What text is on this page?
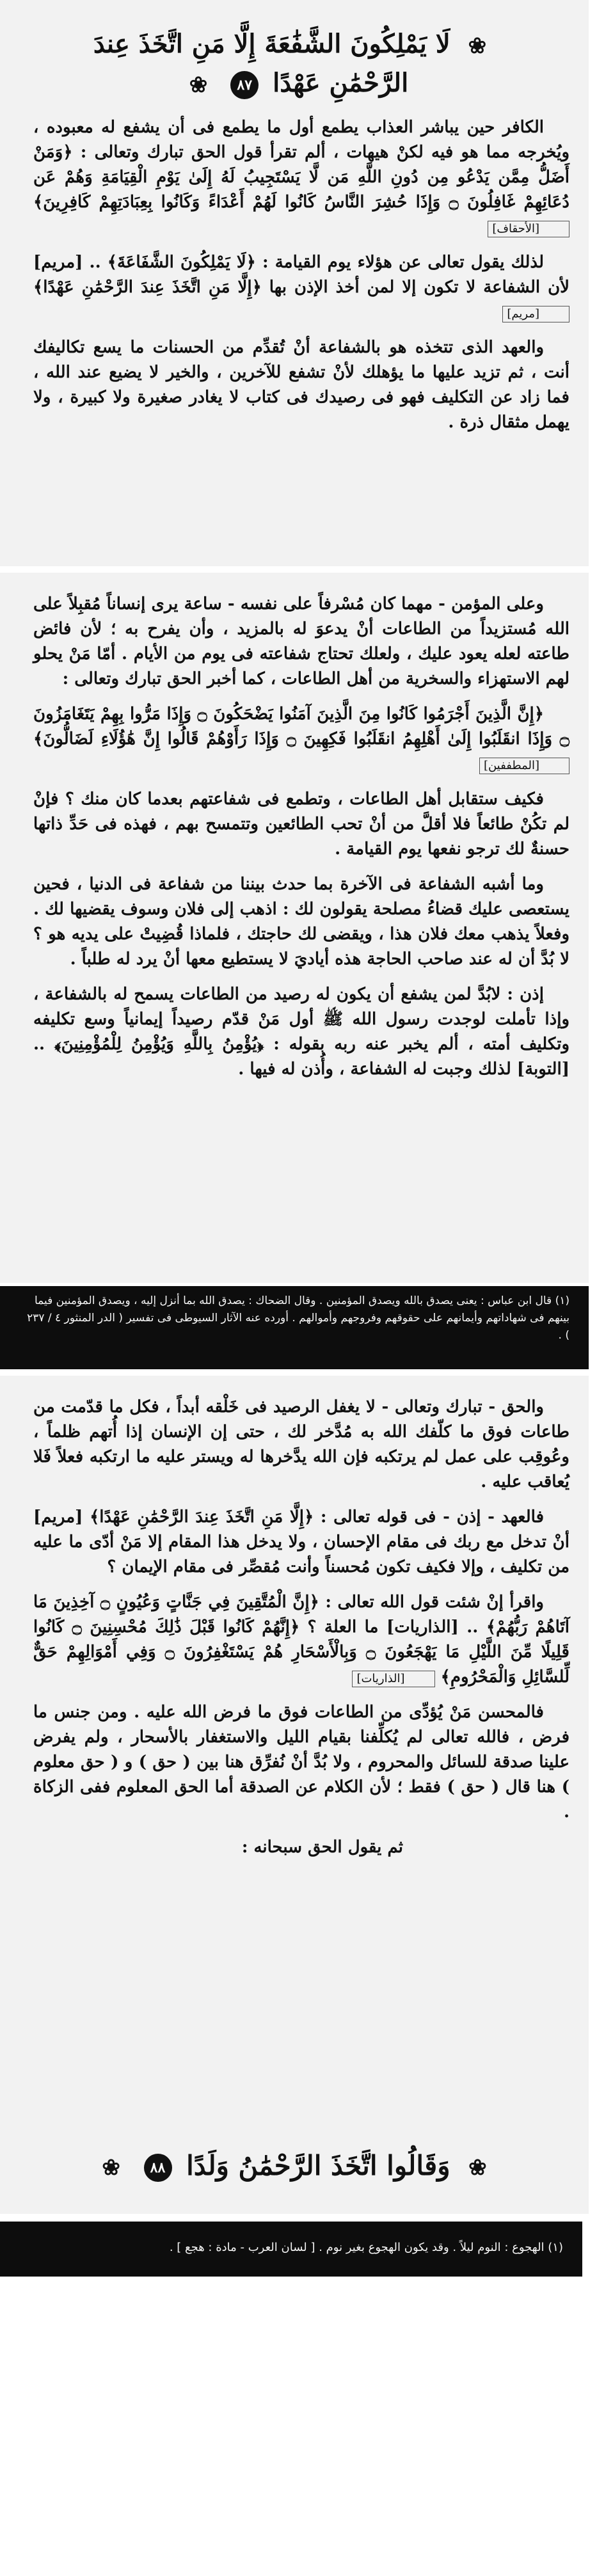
❀ لَا يَمْلِكُونَ الشَّفَٰعَةَ إِلَّا مَنِ اتَّخَذَ عِندَ
الرَّحْمَٰنِ عَهْدًا ٨٧ ❀

الكافر حين يباشر العذاب يطمع أول ما يطمع فى أن يشفع له معبوده ، ويُخرجه مما هو فيه لكنْ هيهات ، ألم تقرأ قول الحق تبارك وتعالى : ﴿وَمَنْ أَضَلُّ مِمَّن يَدْعُو مِن دُونِ اللَّهِ مَن لَّا يَسْتَجِيبُ لَهُ إِلَىٰ يَوْمِ الْقِيَامَةِ وَهُمْ عَن دُعَائِهِمْ غَافِلُونَ ۝ وَإِذَا حُشِرَ النَّاسُ كَانُوا لَهُمْ أَعْدَاءً وَكَانُوا بِعِبَادَتِهِمْ كَافِرِينَ﴾ [الأحقاف]

لذلك يقول تعالى عن هؤلاء يوم القيامة : ﴿لَا يَمْلِكُونَ الشَّفَاعَةَ﴾ .. [مريم] لأن الشفاعة لا تكون إلا لمن أخذ الإذن بها ﴿إِلَّا مَنِ اتَّخَذَ عِندَ الرَّحْمَٰنِ عَهْدًا﴾ [مريم]

والعهد الذى تتخذه هو بالشفاعة أنْ تُقدِّم من الحسنات ما يسع تكاليفك أنت ، ثم تزيد عليها ما يؤهلك لأنْ تشفع للآخرين ، والخير لا يضيع عند الله ، فما زاد عن التكليف فهو فى رصيدك فى كتاب لا يغادر صغيرة ولا كبيرة ، ولا يهمل مثقال ذرة .

وعلى المؤمن - مهما كان مُسْرفاً على نفسه - ساعة يرى إنساناً مُقبِلاً على الله مُستزيداً من الطاعات أنْ يدعوَ له بالمزيد ، وأن يفرح به ؛ لأن فائض طاعته لعله يعود عليك ، ولعلك تحتاج شفاعته فى يوم من الأيام . أمّا مَنْ يحلو لهم الاستهزاء والسخرية من أهل الطاعات ، كما أخبر الحق تبارك وتعالى :

﴿إِنَّ الَّذِينَ أَجْرَمُوا كَانُوا مِنَ الَّذِينَ آمَنُوا يَضْحَكُونَ ۝ وَإِذَا مَرُّوا بِهِمْ يَتَغَامَزُونَ ۝ وَإِذَا انقَلَبُوا إِلَىٰ أَهْلِهِمُ انقَلَبُوا فَكِهِينَ ۝ وَإِذَا رَأَوْهُمْ قَالُوا إِنَّ هَٰؤُلَاءِ لَضَالُّونَ﴾ [المطففين]

فكيف ستقابل أهل الطاعات ، وتطمع فى شفاعتهم بعدما كان منك ؟ فإنْ لم تكُنْ طائعاً فلا أقلَّ من أنْ تحب الطائعين وتتمسح بهم ، فهذه فى حَدِّ ذاتها حسنةٌ لك ترجو نفعها يوم القيامة .

وما أشبه الشفاعة فى الآخرة بما حدث بيننا من شفاعة فى الدنيا ، فحين يستعصى عليك قضاءُ مصلحة يقولون لك : اذهب إلى فلان وسوف يقضيها لك . وفعلاً يذهب معك فلان هذا ، ويقضى لك حاجتك ، فلماذا قُضِيتْ على يديه هو ؟ لا بُدَّ أن له عند صاحب الحاجة هذه أياديَ لا يستطيع معها أنْ يرد له طلباً .

إذن : لابُدَّ لمن يشفع أن يكون له رصيد من الطاعات يسمح له بالشفاعة ، وإذا تأملت لوجدت رسول الله ﷺ أول مَنْ قدّم رصيداً إيمانياً وسع تكليفه وتكليف أمته ، ألم يخبر عنه ربه بقوله : ﴿يُؤْمِنُ بِاللَّهِ وَيُؤْمِنُ لِلْمُؤْمِنِينَ﴾ .. [التوبة] لذلك وجبت له الشفاعة ، وأُذن له فيها .

(١) قال ابن عباس : يعنى يصدق بالله ويصدق المؤمنين . وقال الضحاك : يصدق الله بما أنزل إليه ، ويصدق المؤمنين فيما بينهم فى شهاداتهم وأيمانهم على حقوقهم وفروجهم وأموالهم . أورده عنه الآثار السيوطى فى تفسير ( الدر المنثور ٤ / ٢٣٧ ) .

والحق - تبارك وتعالى - لا يغفل الرصيد فى خَلْقه أبداً ، فكل ما قدّمت من طاعات فوق ما كلّفك الله به مُدَّخر لك ، حتى إن الإنسان إذا أُتهم ظلماً ، وعُوقِب على عمل لم يرتكبه فإن الله يدَّخرها له ويستر عليه ما ارتكبه فعلاً فَلا يُعاقب عليه .

فالعهد - إذن - فى قوله تعالى : ﴿إِلَّا مَنِ اتَّخَذَ عِندَ الرَّحْمَٰنِ عَهْدًا﴾ [مريم] أنْ تدخل مع ربك فى مقام الإحسان ، ولا يدخل هذا المقام إلا مَنْ أدّى ما عليه من تكليف ، وإلا فكيف تكون مُحسناً وأنت مُقصِّر فى مقام الإيمان ؟

واقرأ إنْ شئت قول الله تعالى : ﴿إِنَّ الْمُتَّقِينَ فِي جَنَّاتٍ وَعُيُونٍ ۝ آخِذِينَ مَا آتَاهُمْ رَبُّهُمْ﴾ .. [الذاريات] ما العلة ؟ ﴿إِنَّهُمْ كَانُوا قَبْلَ ذَٰلِكَ مُحْسِنِينَ ۝ كَانُوا قَلِيلًا مِّنَ اللَّيْلِ مَا يَهْجَعُونَ ۝ وَبِالْأَسْحَارِ هُمْ يَسْتَغْفِرُونَ ۝ وَفِي أَمْوَالِهِمْ حَقٌّ لِّلسَّائِلِ وَالْمَحْرُومِ﴾ [الذاريات]

فالمحسن مَنْ يُؤدِّى من الطاعات فوق ما فرض الله عليه . ومن جنس ما فرض ، فالله تعالى لم يُكلِّفنا بقيام الليل والاستغفار بالأسحار ، ولم يفرض علينا صدقة للسائل والمحروم ، ولا بُدَّ أنْ نُفرِّق هنا بين ( حق ) و ( حق معلوم ) هنا قال ( حق ) فقط ؛ لأن الكلام عن الصدقة أما الحق المعلوم ففى الزكاة .

ثم يقول الحق سبحانه :

❀ وَقَالُوا اتَّخَذَ الرَّحْمَٰنُ وَلَدًا ٨٨ ❀
(١) الهجوع : النوم ليلاً . وقد يكون الهجوع بغير نوم . [ لسان العرب - مادة : هجع ] .
